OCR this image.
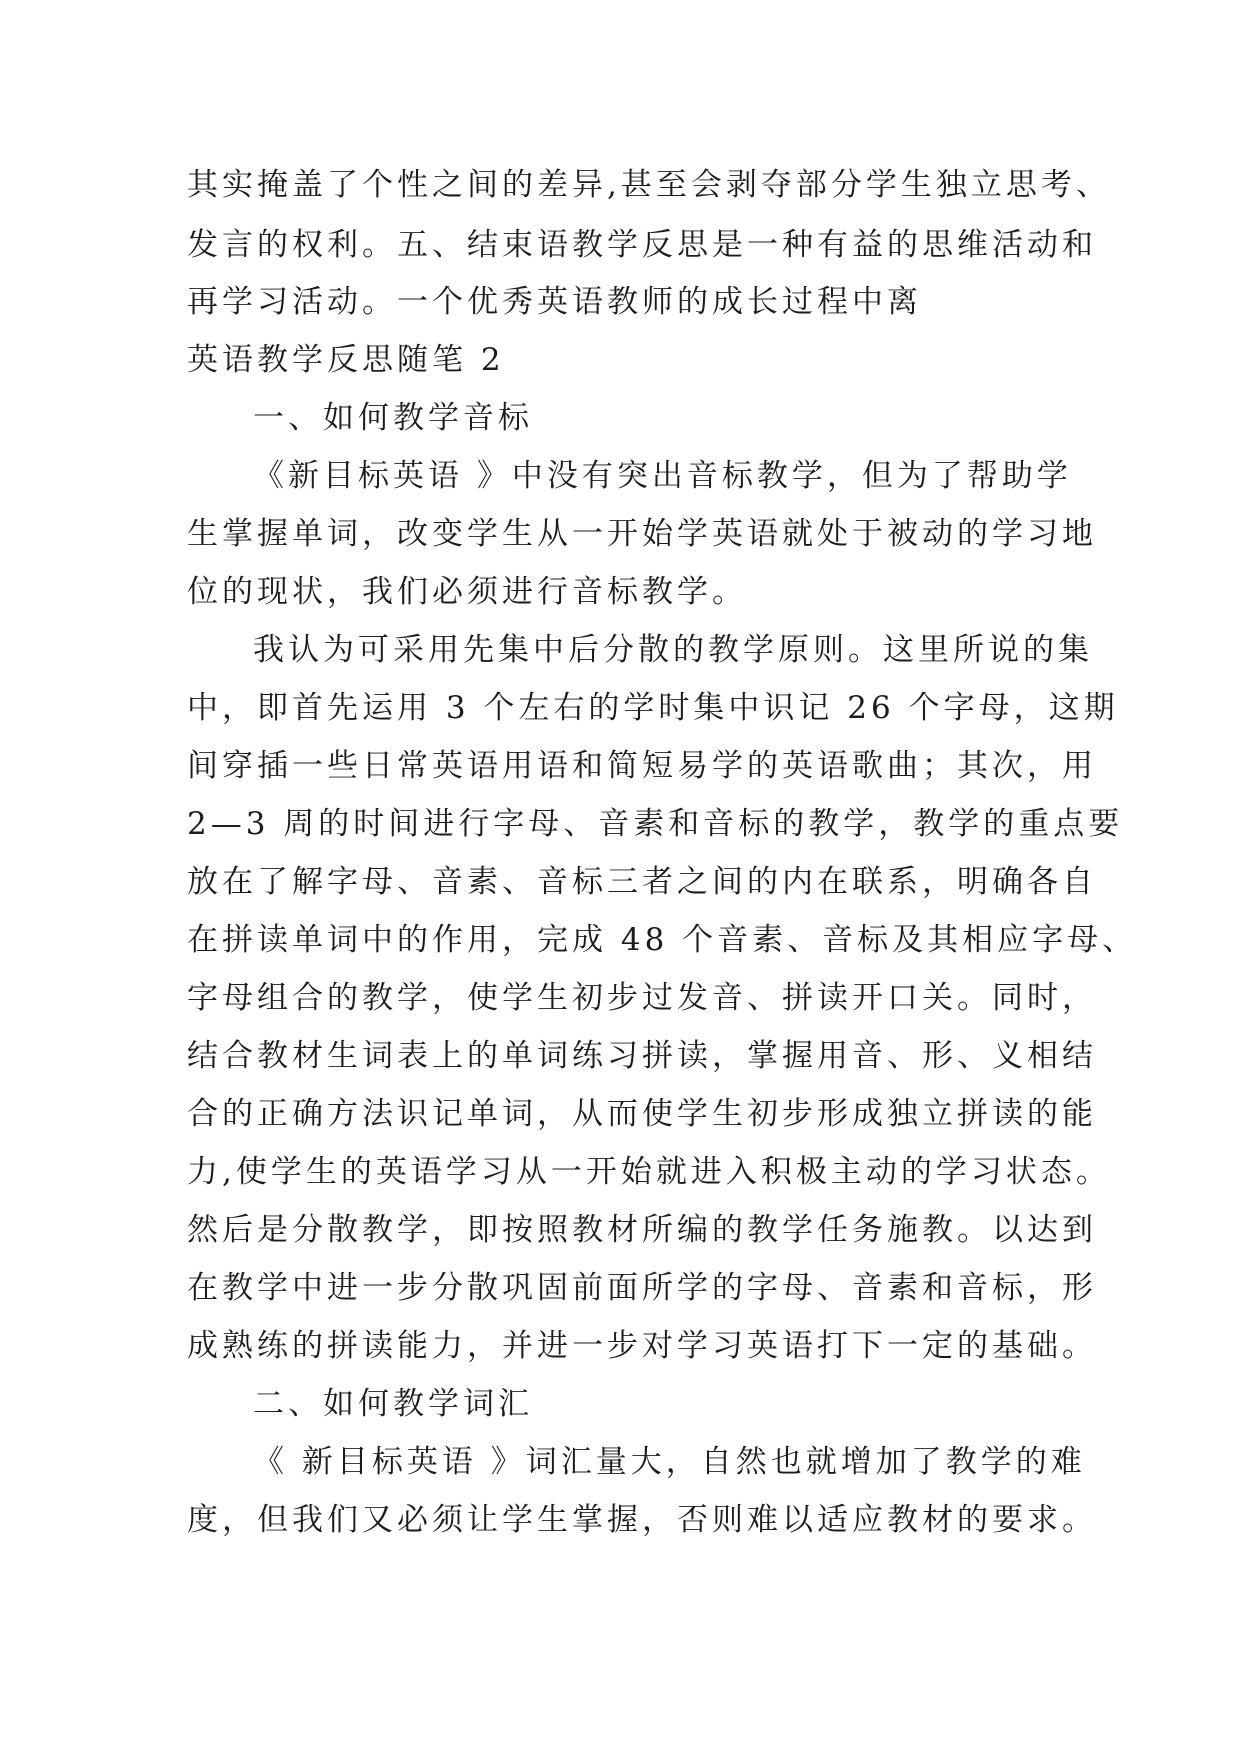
其实掩盖了个性之间的差异,甚至会剥夺部分学生独立思考、

发言的权利。五、结束语教学反思是一种有益的思维活动和

再学习活动。一个优秀英语教师的成长过程中离

英语教学反思随笔 2

一、如何教学音标

《新目标英语 》中没有突出音标教学，但为了帮助学

生掌握单词，改变学生从一开始学英语就处于被动的学习地

位的现状，我们必须进行音标教学。

我认为可采用先集中后分散的教学原则。这里所说的集

中，即首先运用 3 个左右的学时集中识记 26 个字母，这期

间穿插一些日常英语用语和简短易学的英语歌曲；其次，用

2—3 周的时间进行字母、音素和音标的教学，教学的重点要

放在了解字母、音素、音标三者之间的内在联系，明确各自

在拼读单词中的作用，完成 48 个音素、音标及其相应字母、

字母组合的教学，使学生初步过发音、拼读开口关。同时，

结合教材生词表上的单词练习拼读，掌握用音、形、义相结

合的正确方法识记单词，从而使学生初步形成独立拼读的能

力,使学生的英语学习从一开始就进入积极主动的学习状态。

然后是分散教学，即按照教材所编的教学任务施教。以达到

在教学中进一步分散巩固前面所学的字母、音素和音标，形

成熟练的拼读能力，并进一步对学习英语打下一定的基础。

二、如何教学词汇

《 新目标英语 》词汇量大，自然也就增加了教学的难

度，但我们又必须让学生掌握，否则难以适应教材的要求。
